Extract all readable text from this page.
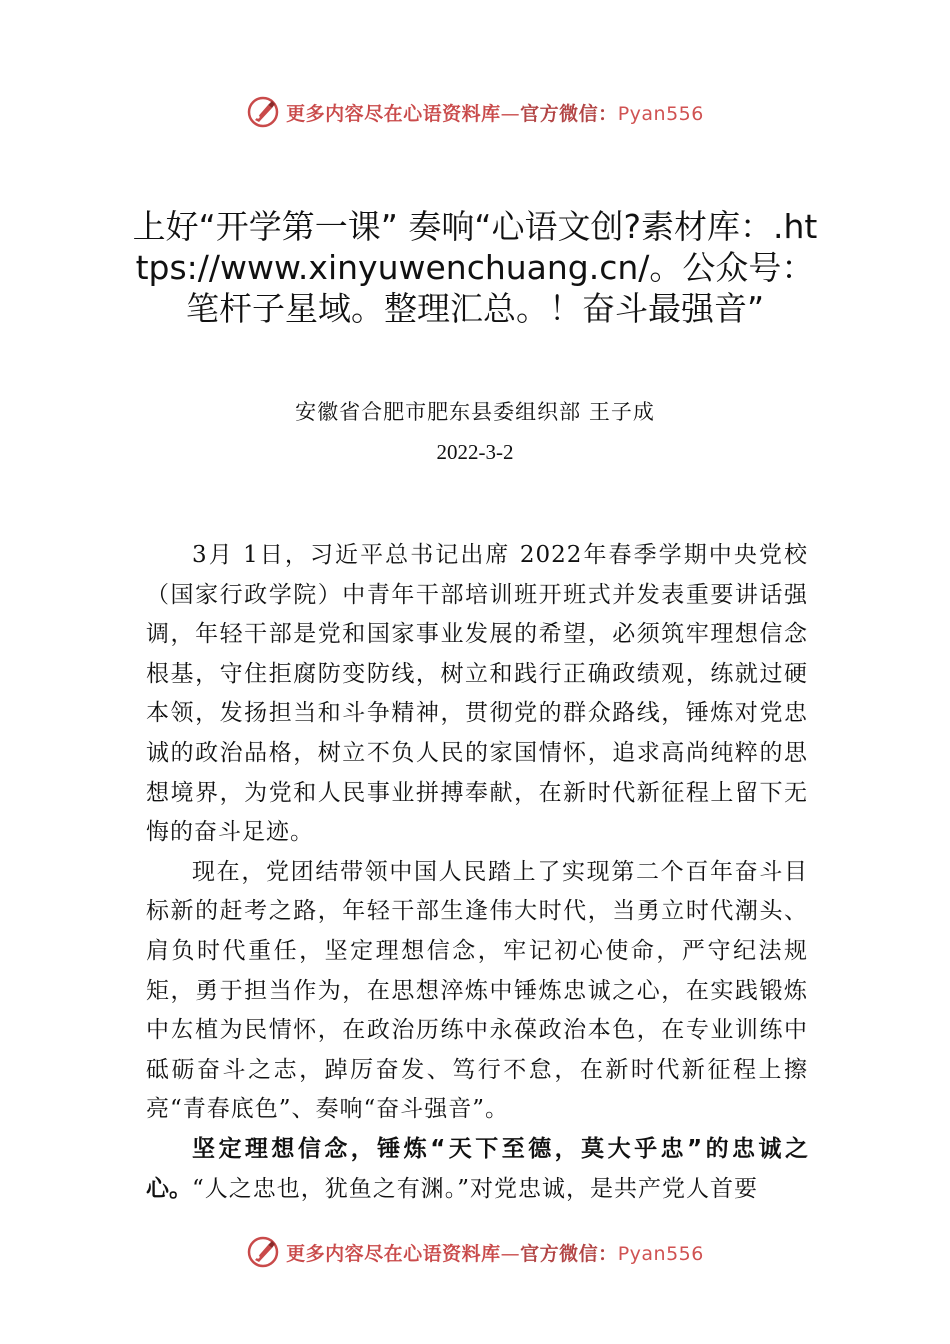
更多内容尽在心语资料库—官方微信：Pyan556
上好“开学第一课” 奏响“心语文创?素材库：.https://www.xinyuwenchuang.cn/。公众号：笔杆子星域。整理汇总。！奋斗最强音”
安徽省合肥市肥东县委组织部 王子成
2022-3-2

3月 1日，习近平总书记出席 2022年春季学期中央党校（国家行政学院）中青年干部培训班开班式并发表重要讲话强调，年轻干部是党和国家事业发展的希望，必须筑牢理想信念根基，守住拒腐防变防线，树立和践行正确政绩观，练就过硬本领，发扬担当和斗争精神，贯彻党的群众路线，锤炼对党忠诚的政治品格，树立不负人民的家国情怀，追求高尚纯粹的思想境界，为党和人民事业拼搏奉献，在新时代新征程上留下无悔的奋斗足迹。

现在，党团结带领中国人民踏上了实现第二个百年奋斗目标新的赶考之路，年轻干部生逢伟大时代，当勇立时代潮头、肩负时代重任，坚定理想信念，牢记初心使命，严守纪法规矩，勇于担当作为，在思想淬炼中锤炼忠诚之心，在实践锻炼中厷植为民情怀，在政治历练中永葆政治本色，在专业训练中砥砺奋斗之志，踔厉奋发、笃行不怠，在新时代新征程上擦亮“青春底色”、奏响“奋斗强音”。

坚定理想信念，锤炼“天下至德，莫大乎忠”的忠诚之心。“人之忠也，犹鱼之有渊。”对党忠诚，是共产党人首要

更多内容尽在心语资料库—官方微信：Pyan556
